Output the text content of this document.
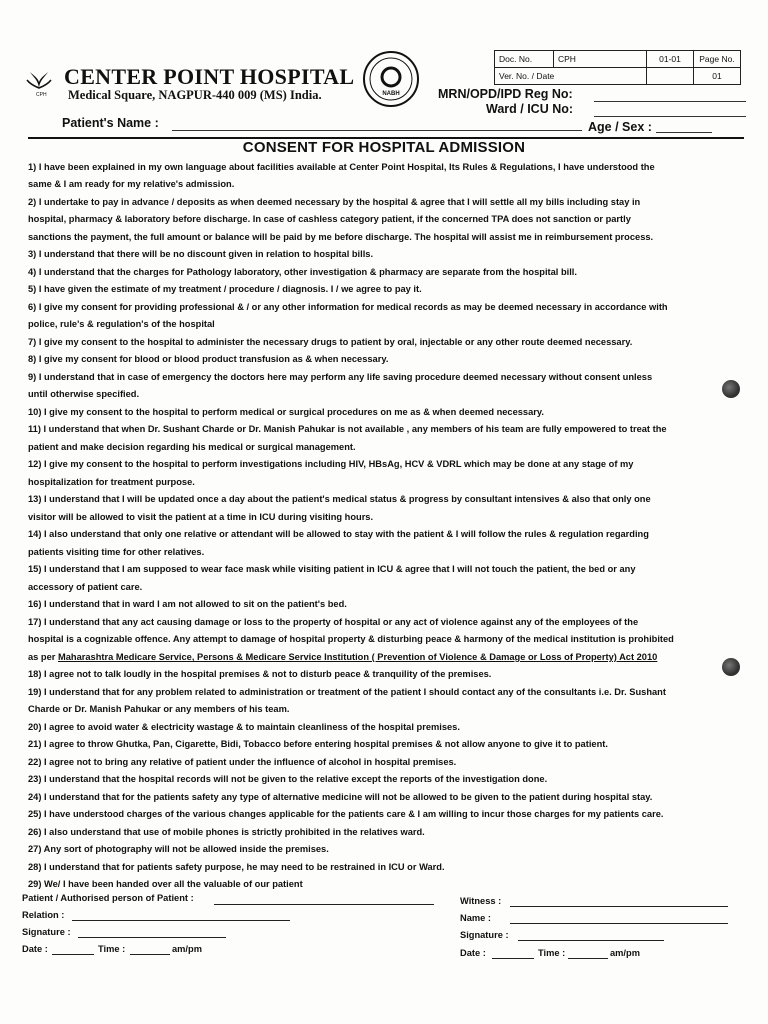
CPH
CENTER POINT HOSPITAL
Medical Square, NAGPUR-440 009 (MS) India.	NABH
Doc. No.	CPH	01-01	Page No.
Ver. No. / Date			01
MRN/OPD/IPD Reg No:
Ward / ICU No:
Patient's Name :	Age / Sex :
CONSENT FOR HOSPITAL ADMISSION
1) I have been explained in my own language about facilities available at Center Point Hospital, Its Rules & Regulations, I have understood the
same & I am ready for my relative's admission.
2) I undertake to pay in advance / deposits as when deemed necessary by the hospital & agree that I will settle all my bills including stay in
hospital, pharmacy & laboratory before discharge. In case of cashless category patient, if the concerned TPA does not sanction or partly
sanctions the payment, the full amount or balance will be paid by me before discharge. The hospital will assist me in reimbursement process.
3) I understand that there will be no discount given in relation to hospital bills.
4) I understand that the charges for Pathology laboratory, other investigation & pharmacy are separate from the hospital bill.
5) I have given the estimate of my treatment / procedure / diagnosis. I / we agree to pay it.
6) I give my consent for providing professional & / or any other information for medical records as may be deemed necessary in accordance with
police, rule's & regulation's of the hospital
7) I give my consent to the hospital to administer the necessary drugs to patient by oral, injectable or any other route deemed necessary.
8) I give my consent for blood or blood product transfusion as & when necessary.
9) I understand that in case of emergency the doctors here may perform any life saving procedure deemed necessary without consent unless
until otherwise specified.
10) I give my consent to the hospital to perform medical or surgical procedures on me as & when deemed necessary.
11) I understand that when Dr. Sushant Charde or Dr. Manish Pahukar is not available , any members of his team are fully empowered to treat the
patient and make decision regarding his medical or surgical management.
12) I give my consent to the hospital to perform investigations including HIV, HBsAg, HCV & VDRL which may be done at any stage of my
hospitalization for treatment purpose.
13) I understand that I will be updated once a day about the patient's medical status & progress by consultant intensives & also that only one
visitor will be allowed to visit the patient at a time in ICU during visiting hours.
14) I also understand that only one relative or attendant will be allowed to stay with the patient & I will follow the rules & regulation regarding
patients visiting time for other relatives.
15) I understand that I am supposed to wear face mask while visiting patient in ICU & agree that I will not touch the patient, the bed or any
accessory of patient care.
16) I understand that in ward I am not allowed to sit on the patient's bed.
17) I understand that any act causing damage or loss to the property of hospital or any act of violence against any of the employees of the
hospital is a cognizable offence. Any attempt to damage of hospital property & disturbing peace & harmony of the medical institution is prohibited
as per Maharashtra Medicare Service, Persons & Medicare Service Institution ( Prevention of Violence & Damage or Loss of Property) Act 2010
18) I agree not to talk loudly in the hospital premises & not to disturb peace & tranquility of the premises.
19) I understand that for any problem related to administration or treatment of the patient I should contact any of the consultants i.e. Dr. Sushant
Charde or Dr. Manish Pahukar or any members of his team.
20) I agree to avoid water & electricity wastage & to maintain cleanliness of the hospital premises.
21) I agree to throw Ghutka, Pan, Cigarette, Bidi, Tobacco before entering hospital premises & not allow anyone to give it to patient.
22) I agree not to bring any relative of patient under the influence of alcohol in hospital premises.
23) I understand that the hospital records will not be given to the relative except the reports of the investigation done.
24) I understand that for the patients safety any type of alternative medicine will not be allowed to be given to the patient during hospital stay.
25) I have understood charges of the various changes applicable for the patients care & I am willing to incur those charges for my patients care.
26) I also understand that use of mobile phones is strictly prohibited in the relatives ward.
27) Any sort of photography will not be allowed inside the premises.
28) I understand that for patients safety purpose, he may need to be restrained in ICU or Ward.
29) We/ I have been handed over all the valuable of our patient
Patient / Authorised person of Patient :
Relation :
Signature :
Date :	Time :	am/pm
Witness :
Name :
Signature :
Date :	Time :	am/pm
